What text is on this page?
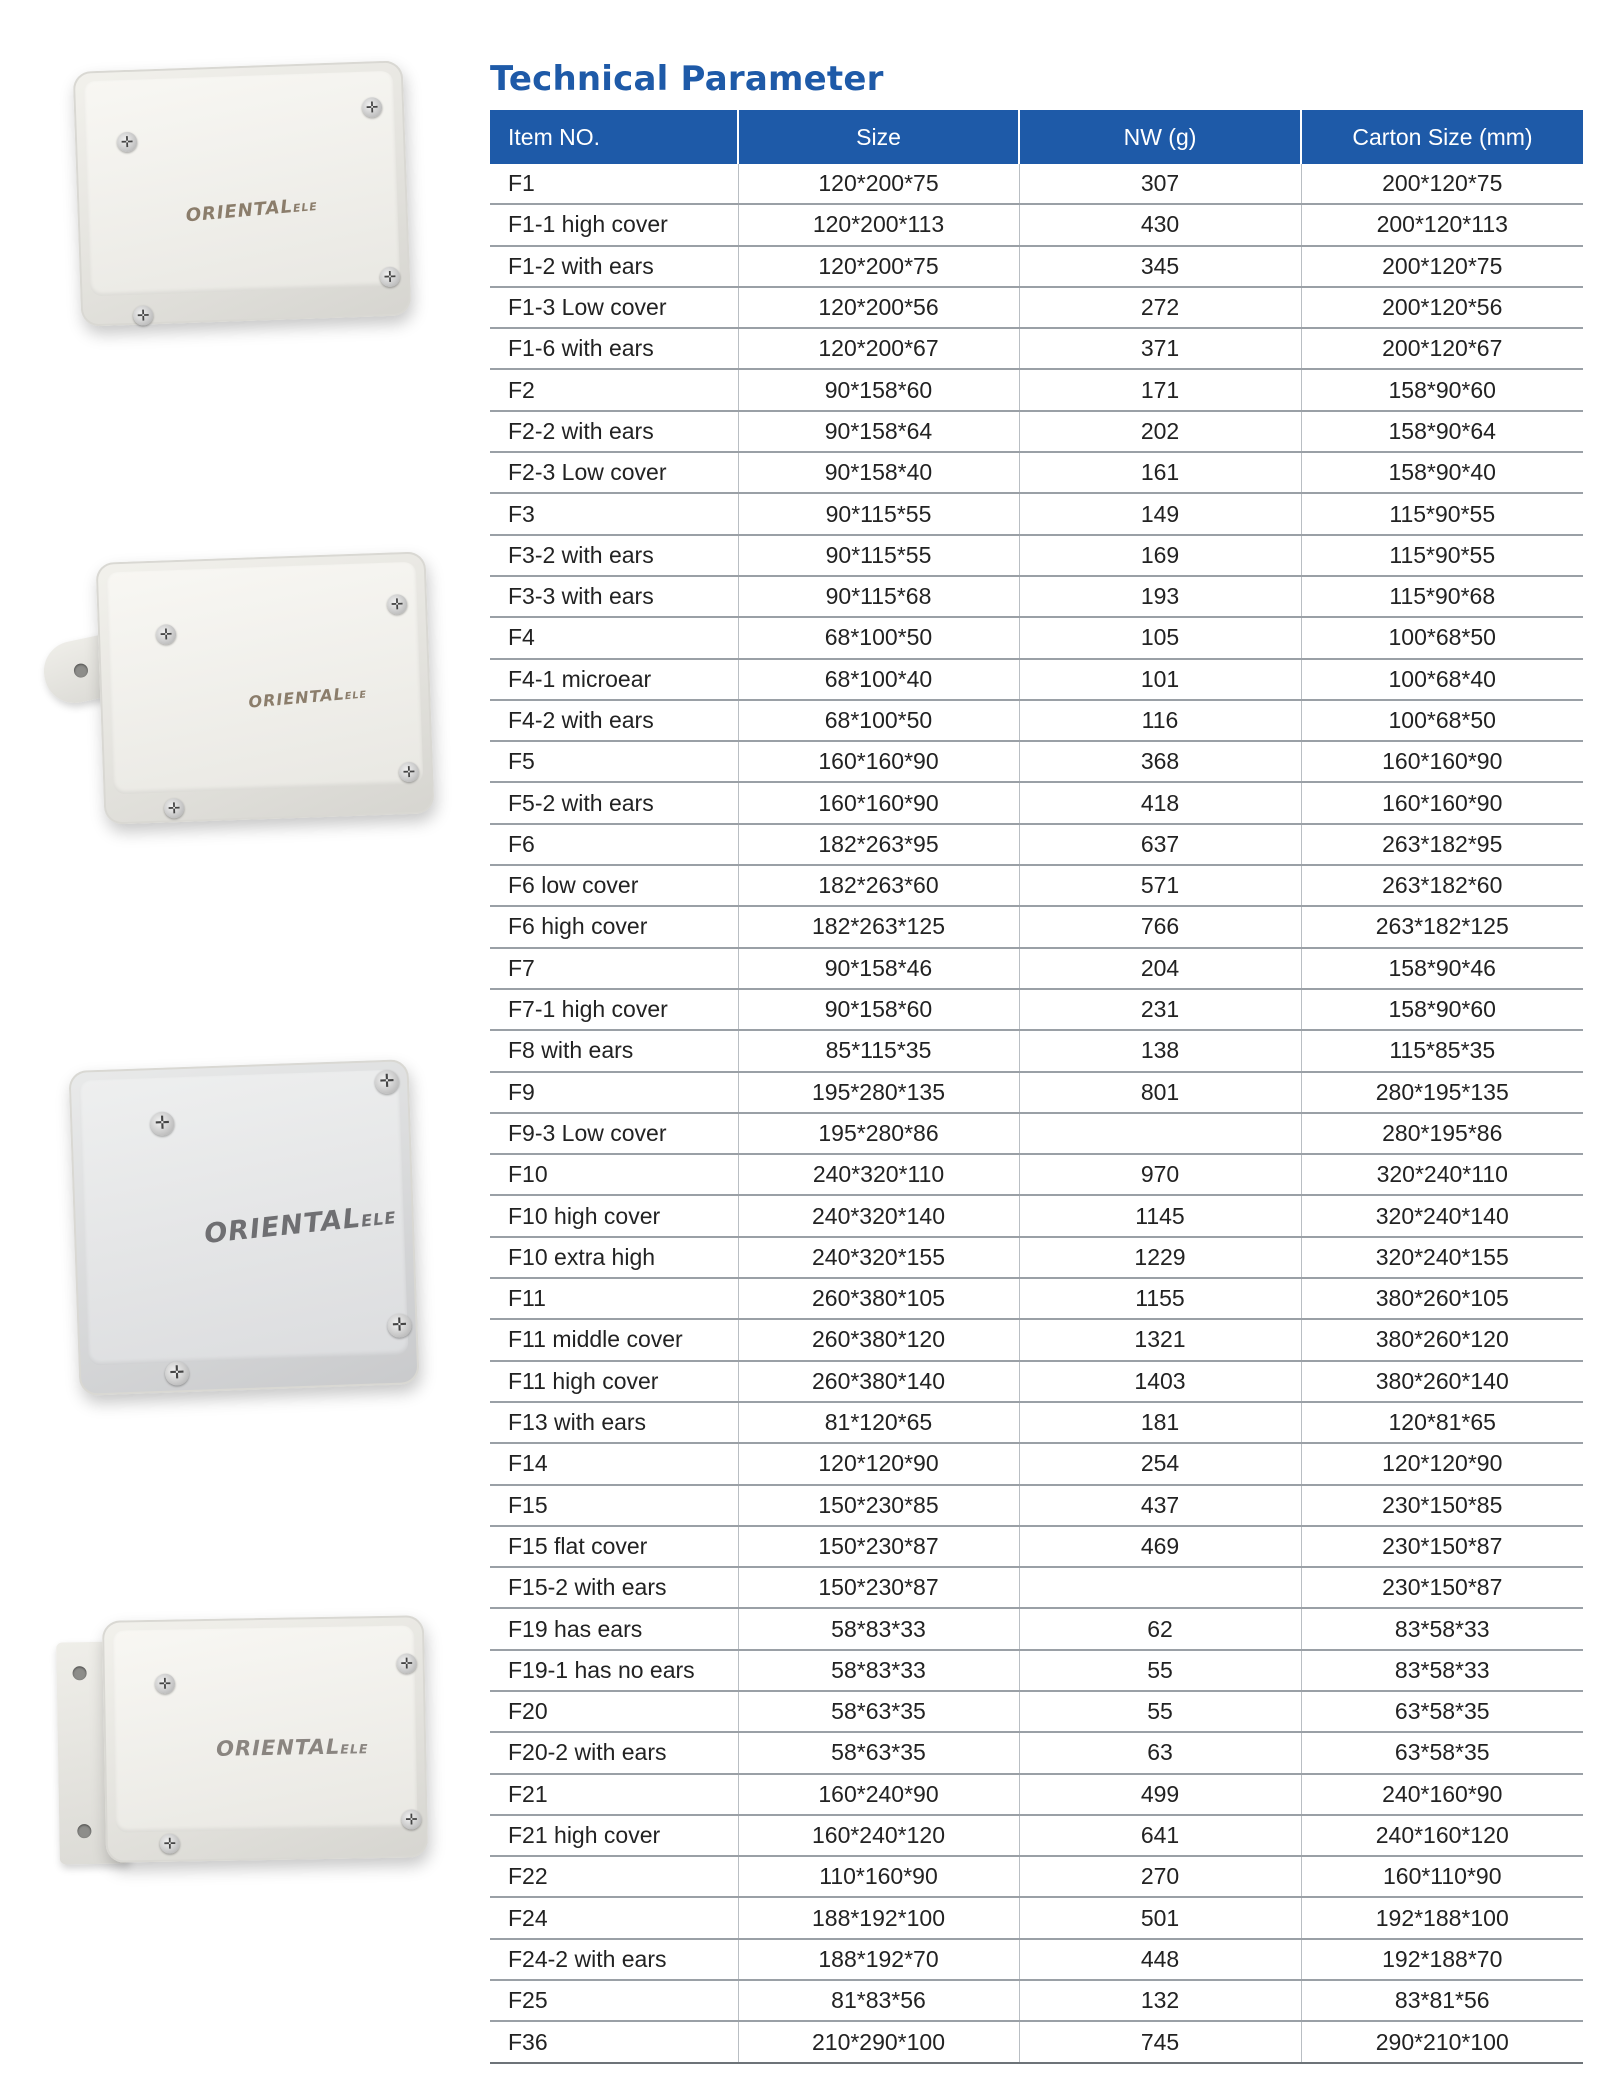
Technical Parameter
✛
✛
✛
✛
ORIENTALELE
✛
✛
✛
✛
ORIENTALELE
✛
✛
✛
✛
ORIENTALELE
✛
✛
✛
✛
ORIENTALELE
Item NO.	Size	NW (g)	Carton Size (mm)
F1	120*200*75	307	200*120*75
F1-1 high cover	120*200*113	430	200*120*113
F1-2 with ears	120*200*75	345	200*120*75
F1-3 Low cover	120*200*56	272	200*120*56
F1-6 with ears	120*200*67	371	200*120*67
F2	90*158*60	171	158*90*60
F2-2 with ears	90*158*64	202	158*90*64
F2-3 Low cover	90*158*40	161	158*90*40
F3	90*115*55	149	115*90*55
F3-2 with ears	90*115*55	169	115*90*55
F3-3 with ears	90*115*68	193	115*90*68
F4	68*100*50	105	100*68*50
F4-1 microear	68*100*40	101	100*68*40
F4-2 with ears	68*100*50	116	100*68*50
F5	160*160*90	368	160*160*90
F5-2 with ears	160*160*90	418	160*160*90
F6	182*263*95	637	263*182*95
F6 low cover	182*263*60	571	263*182*60
F6 high cover	182*263*125	766	263*182*125
F7	90*158*46	204	158*90*46
F7-1 high cover	90*158*60	231	158*90*60
F8 with ears	85*115*35	138	115*85*35
F9	195*280*135	801	280*195*135
F9-3 Low cover	195*280*86		280*195*86
F10	240*320*110	970	320*240*110
F10 high cover	240*320*140	1145	320*240*140
F10 extra high	240*320*155	1229	320*240*155
F11	260*380*105	1155	380*260*105
F11 middle cover	260*380*120	1321	380*260*120
F11 high cover	260*380*140	1403	380*260*140
F13 with ears	81*120*65	181	120*81*65
F14	120*120*90	254	120*120*90
F15	150*230*85	437	230*150*85
F15 flat cover	150*230*87	469	230*150*87
F15-2 with ears	150*230*87		230*150*87
F19 has ears	58*83*33	62	83*58*33
F19-1 has no ears	58*83*33	55	83*58*33
F20	58*63*35	55	63*58*35
F20-2 with ears	58*63*35	63	63*58*35
F21	160*240*90	499	240*160*90
F21 high cover	160*240*120	641	240*160*120
F22	110*160*90	270	160*110*90
F24	188*192*100	501	192*188*100
F24-2 with ears	188*192*70	448	192*188*70
F25	81*83*56	132	83*81*56
F36	210*290*100	745	290*210*100
